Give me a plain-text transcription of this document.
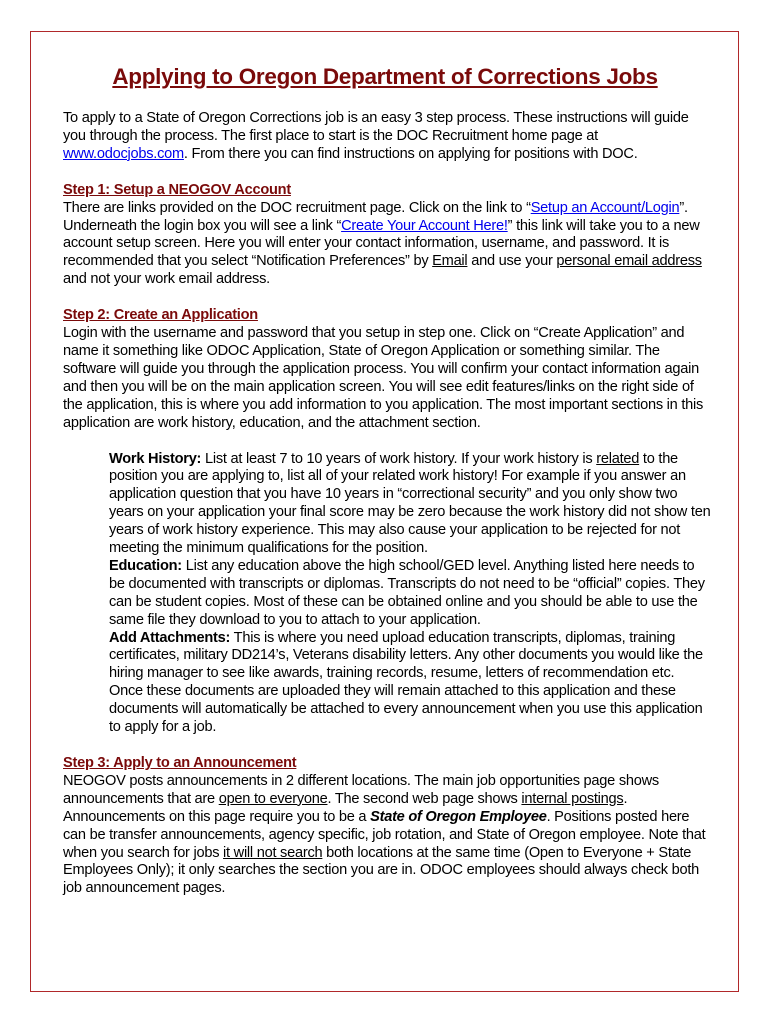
Applying to Oregon Department of Corrections Jobs

To apply to a State of Oregon Corrections job is an easy 3 step process. These instructions will guide you through the process. The first place to start is the DOC Recruitment home page at www.odocjobs.com. From there you can find instructions on applying for positions with DOC.

Step 1: Setup a NEOGOV Account
There are links provided on the DOC recruitment page. Click on the link to “Setup an Account/Login”. Underneath the login box you will see a link “Create Your Account Here!” this link will take you to a new account setup screen. Here you will enter your contact information, username, and password. It is recommended that you select “Notification Preferences” by Email and use your personal email address and not your work email address.

Step 2: Create an Application
Login with the username and password that you setup in step one. Click on “Create Application” and name it something like ODOC Application, State of Oregon Application or something similar. The software will guide you through the application process. You will confirm your contact information again and then you will be on the main application screen. You will see edit features/links on the right side of the application, this is where you add information to you application. The most important sections in this application are work history, education, and the attachment section.

Work History: List at least 7 to 10 years of work history. If your work history is related to the position you are applying to, list all of your related work history! For example if you answer an application question that you have 10 years in “correctional security” and you only show two years on your application your final score may be zero because the work history did not show ten years of work history experience. This may also cause your application to be rejected for not meeting the minimum qualifications for the position.

Education: List any education above the high school/GED level. Anything listed here needs to be documented with transcripts or diplomas. Transcripts do not need to be “official” copies. They can be student copies. Most of these can be obtained online and you should be able to use the same file they download to you to attach to your application.

Add Attachments: This is where you need upload education transcripts, diplomas, training certificates, military DD214’s, Veterans disability letters. Any other documents you would like the hiring manager to see like awards, training records, resume, letters of recommendation etc. Once these documents are uploaded they will remain attached to this application and these documents will automatically be attached to every announcement when you use this application to apply for a job.

Step 3: Apply to an Announcement
NEOGOV posts announcements in 2 different locations. The main job opportunities page shows announcements that are open to everyone. The second web page shows internal postings. Announcements on this page require you to be a State of Oregon Employee. Positions posted here can be transfer announcements, agency specific, job rotation, and State of Oregon employee. Note that when you search for jobs it will not search both locations at the same time (Open to Everyone + State Employees Only); it only searches the section you are in. ODOC employees should always check both job announcement pages.
